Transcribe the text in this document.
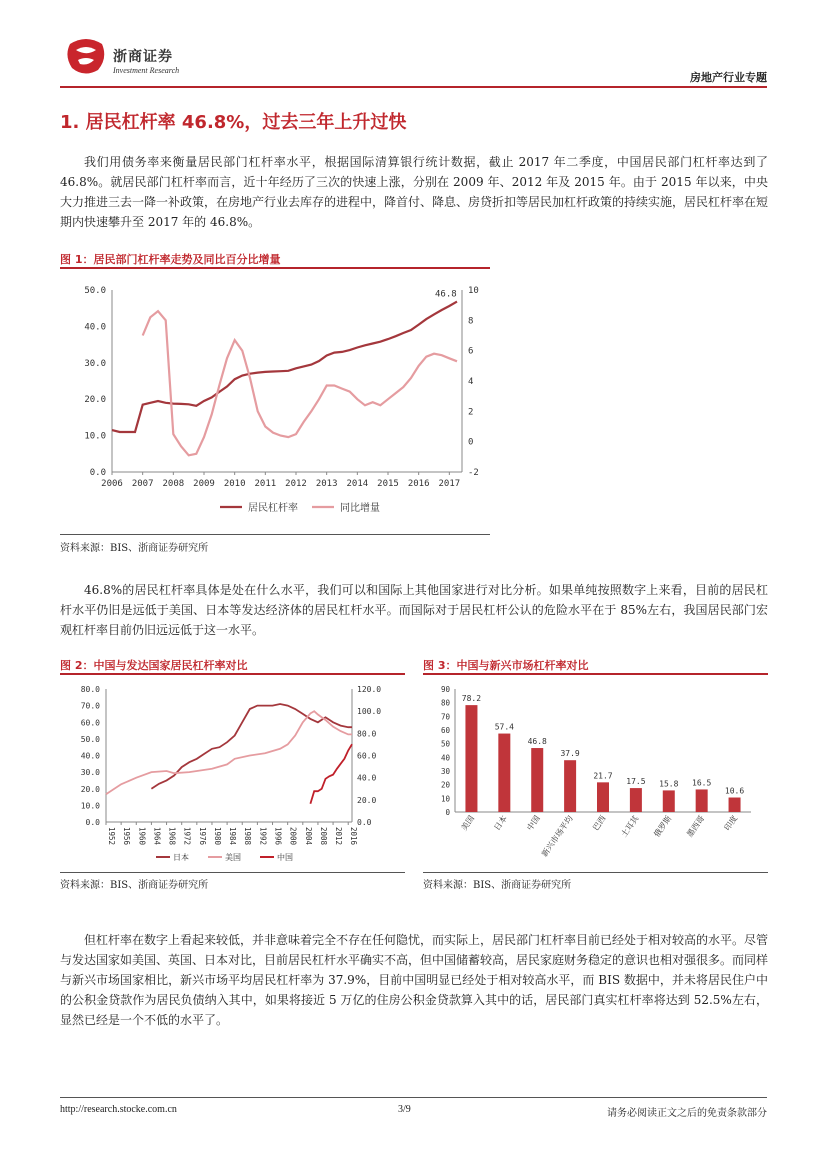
浙商证券
Investment Research
房地产行业专题
1. 居民杠杆率 46.8%，过去三年上升过快
我们用债务率来衡量居民部门杠杆率水平，根据国际清算银行统计数据，截止 2017 年二季度，中国居民部门杠杆率达到了 46.8%。就居民部门杠杆率而言，近十年经历了三次的快速上涨，分别在 2009 年、2012 年及 2015 年。由于 2015 年以来，中央大力推进三去一降一补政策，在房地产行业去库存的进程中，降首付、降息、房贷折扣等居民加杠杆政策的持续实施，居民杠杆率在短期内快速攀升至 2017 年的 46.8%。
图 1：居民部门杠杆率走势及同比百分比增量
50.0
40.0
30.0
20.0
10.0
0.0
10
8
6
4
2
0
-2
2006 2007 2008 2009 2010 2011 2012 2013 2014 2015 2016 2017
46.8
居民杠杆率	同比增量
资料来源：BIS、浙商证券研究所
46.8%的居民杠杆率具体是处在什么水平，我们可以和国际上其他国家进行对比分析。如果单纯按照数字上来看，目前的居民杠杆水平仍旧是远低于美国、日本等发达经济体的居民杠杆水平。而国际对于居民杠杆公认的危险水平在于 85%左右，我国居民部门宏观杠杆率目前仍旧远远低于这一水平。
图 2：中国与发达国家居民杠杆率对比
80.0
70.0
60.0
50.0
40.0
30.0
20.0
10.0
0.0
120.0
100.0
80.0
60.0
40.0
20.0
0.0
1952 1956 1960 1964 1968 1972 1976 1980 1984 1988 1992 1996 2000 2004 2008 2012 2016
日本	美国	中国
资料来源：BIS、浙商证券研究所
图 3：中国与新兴市场杠杆率对比
90
80
70
60
50
40
30
20
10
0
78.2
美国
57.4
日本
46.8
中国
37.9
新兴市场平均
21.7
巴西
17.5
土耳其
15.8
俄罗斯
16.5
墨西哥
10.6
印度
资料来源：BIS、浙商证券研究所
但杠杆率在数字上看起来较低，并非意味着完全不存在任何隐忧，而实际上，居民部门杠杆率目前已经处于相对较高的水平。尽管与发达国家如美国、英国、日本对比，目前居民杠杆水平确实不高，但中国储蓄较高，居民家庭财务稳定的意识也相对强很多。而同样与新兴市场国家相比，新兴市场平均居民杠杆率为 37.9%，目前中国明显已经处于相对较高水平，而 BIS 数据中，并未将居民住户中的公积金贷款作为居民负债纳入其中，如果将接近 5 万亿的住房公积金贷款算入其中的话，居民部门真实杠杆率将达到 52.5%左右，显然已经是一个不低的水平了。
http://research.stocke.com.cn	3/9	请务必阅读正文之后的免责条款部分
